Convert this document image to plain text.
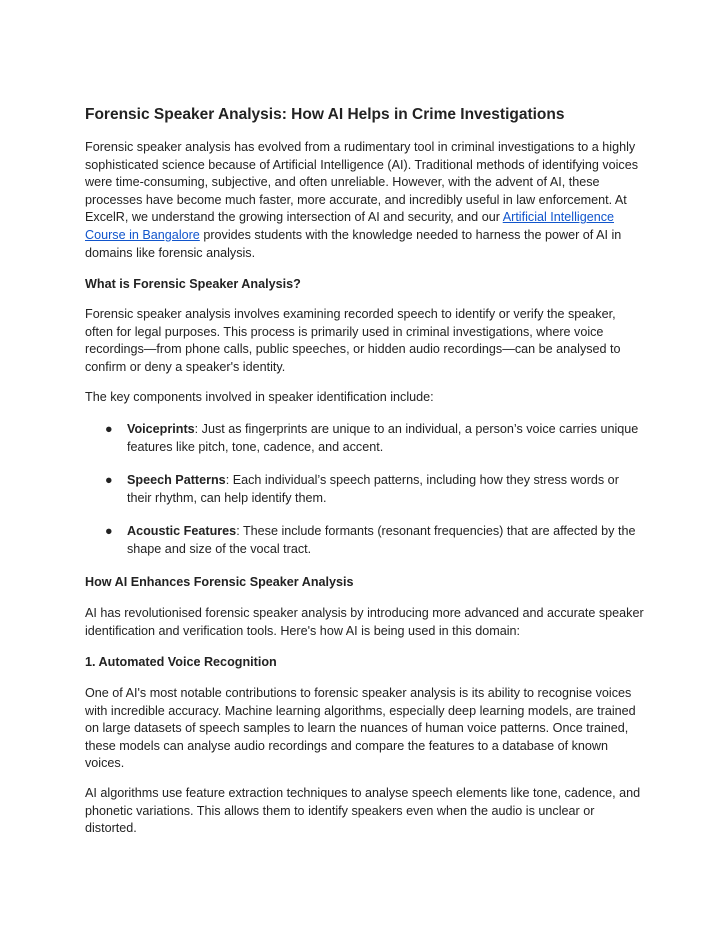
Forensic Speaker Analysis: How AI Helps in Crime Investigations

Forensic speaker analysis has evolved from a rudimentary tool in criminal investigations to a highly sophisticated science because of Artificial Intelligence (AI). Traditional methods of identifying voices were time-consuming, subjective, and often unreliable. However, with the advent of AI, these processes have become much faster, more accurate, and incredibly useful in law enforcement. At ExcelR, we understand the growing intersection of AI and security, and our Artificial Intelligence Course in Bangalore provides students with the knowledge needed to harness the power of AI in domains like forensic analysis.

What is Forensic Speaker Analysis?

Forensic speaker analysis involves examining recorded speech to identify or verify the speaker, often for legal purposes. This process is primarily used in criminal investigations, where voice recordings—from phone calls, public speeches, or hidden audio recordings—can be analysed to confirm or deny a speaker's identity.

The key components involved in speaker identification include:

● Voiceprints: Just as fingerprints are unique to an individual, a person’s voice carries unique features like pitch, tone, cadence, and accent.
● Speech Patterns: Each individual’s speech patterns, including how they stress words or their rhythm, can help identify them.
● Acoustic Features: These include formants (resonant frequencies) that are affected by the shape and size of the vocal tract.
How AI Enhances Forensic Speaker Analysis

AI has revolutionised forensic speaker analysis by introducing more advanced and accurate speaker identification and verification tools. Here's how AI is being used in this domain:

1. Automated Voice Recognition

One of AI's most notable contributions to forensic speaker analysis is its ability to recognise voices with incredible accuracy. Machine learning algorithms, especially deep learning models, are trained on large datasets of speech samples to learn the nuances of human voice patterns. Once trained, these models can analyse audio recordings and compare the features to a database of known voices.

AI algorithms use feature extraction techniques to analyse speech elements like tone, cadence, and phonetic variations. This allows them to identify speakers even when the audio is unclear or distorted.
